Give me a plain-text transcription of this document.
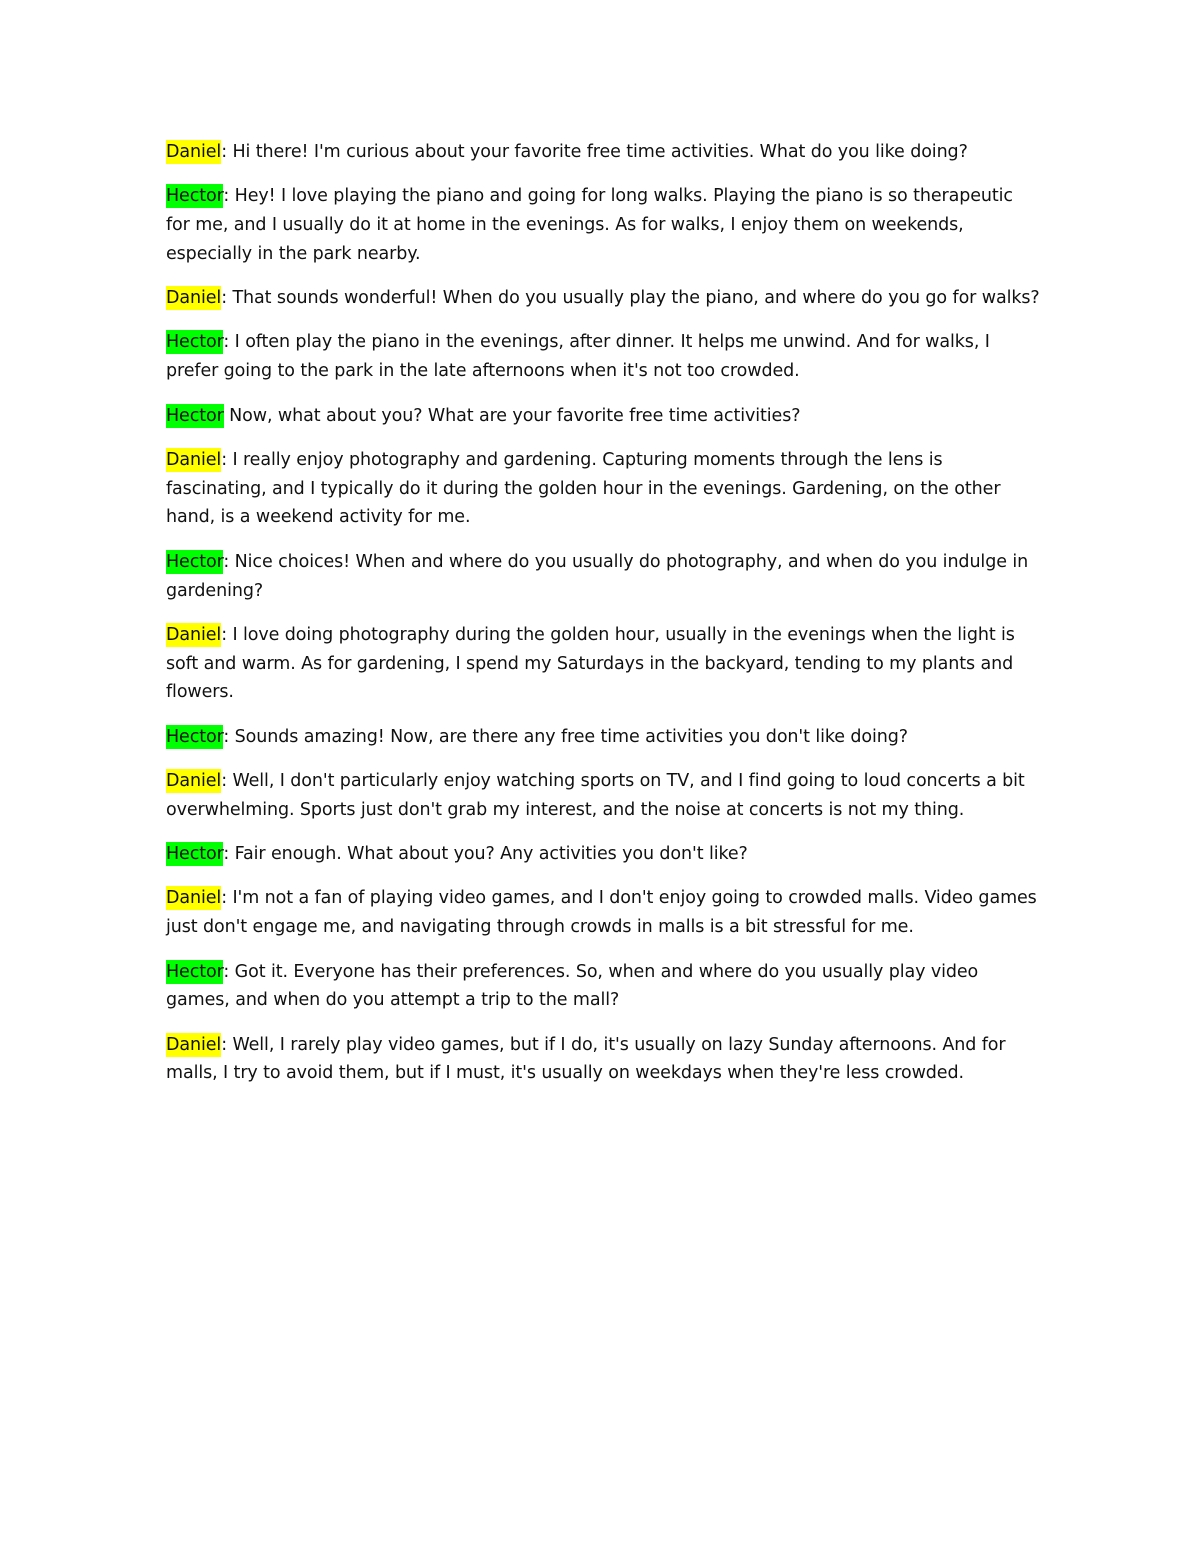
Daniel: Hi there! I'm curious about your favorite free time activities. What do you like doing?

Hector: Hey! I love playing the piano and going for long walks. Playing the piano is so therapeutic for me, and I usually do it at home in the evenings. As for walks, I enjoy them on weekends, especially in the park nearby.

Daniel: That sounds wonderful! When do you usually play the piano, and where do you go for walks?

Hector: I often play the piano in the evenings, after dinner. It helps me unwind. And for walks, I prefer going to the park in the late afternoons when it's not too crowded.

Hector Now, what about you? What are your favorite free time activities?

Daniel: I really enjoy photography and gardening. Capturing moments through the lens is fascinating, and I typically do it during the golden hour in the evenings. Gardening, on the other hand, is a weekend activity for me.

Hector: Nice choices! When and where do you usually do photography, and when do you indulge in gardening?

Daniel: I love doing photography during the golden hour, usually in the evenings when the light is soft and warm. As for gardening, I spend my Saturdays in the backyard, tending to my plants and flowers.

Hector: Sounds amazing! Now, are there any free time activities you don't like doing?

Daniel: Well, I don't particularly enjoy watching sports on TV, and I find going to loud concerts a bit overwhelming. Sports just don't grab my interest, and the noise at concerts is not my thing.

Hector: Fair enough. What about you? Any activities you don't like?

Daniel: I'm not a fan of playing video games, and I don't enjoy going to crowded malls. Video games just don't engage me, and navigating through crowds in malls is a bit stressful for me.

Hector: Got it. Everyone has their preferences. So, when and where do you usually play video games, and when do you attempt a trip to the mall?

Daniel: Well, I rarely play video games, but if I do, it's usually on lazy Sunday afternoons. And for malls, I try to avoid them, but if I must, it's usually on weekdays when they're less crowded.
